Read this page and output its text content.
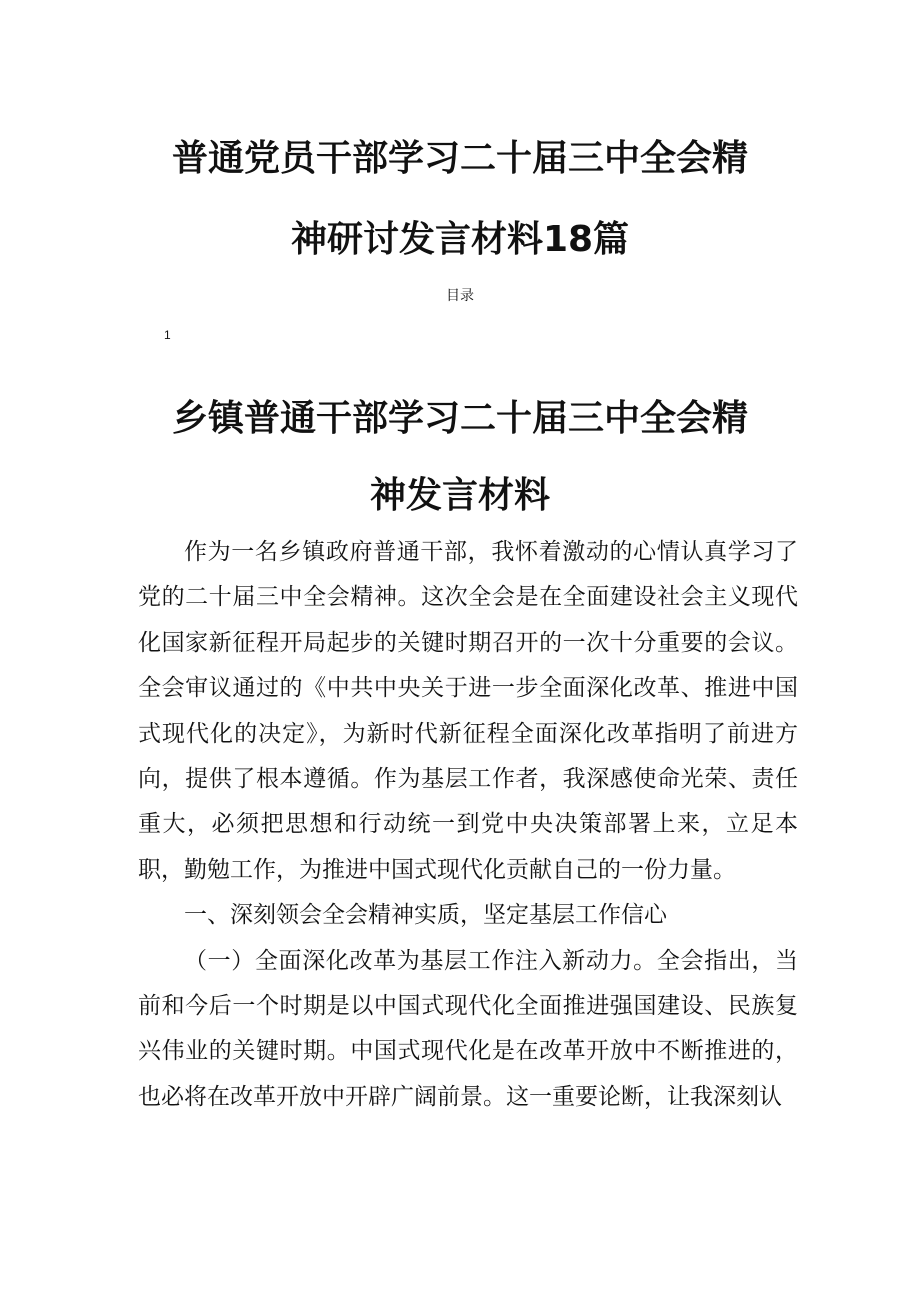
普通党员干部学习二十届三中全会精
神研讨发言材料18篇
目录
1
乡镇普通干部学习二十届三中全会精
神发言材料

作为一名乡镇政府普通干部，我怀着激动的心情认真学习了党的二十届三中全会精神。这次全会是在全面建设社会主义现代化国家新征程开局起步的关键时期召开的一次十分重要的会议。全会审议通过的《中共中央关于进一步全面深化改革、推进中国式现代化的决定》，为新时代新征程全面深化改革指明了前进方向，提供了根本遵循。作为基层工作者，我深感使命光荣、责任重大，必须把思想和行动统一到党中央决策部署上来，立足本职，勤勉工作，为推进中国式现代化贡献自己的一份力量。

一、深刻领会全会精神实质，坚定基层工作信心

（一）全面深化改革为基层工作注入新动力。全会指出，当前和今后一个时期是以中国式现代化全面推进强国建设、民族复兴伟业的关键时期。中国式现代化是在改革开放中不断推进的，也必将在改革开放中开辟广阔前景。这一重要论断，让我深刻认
